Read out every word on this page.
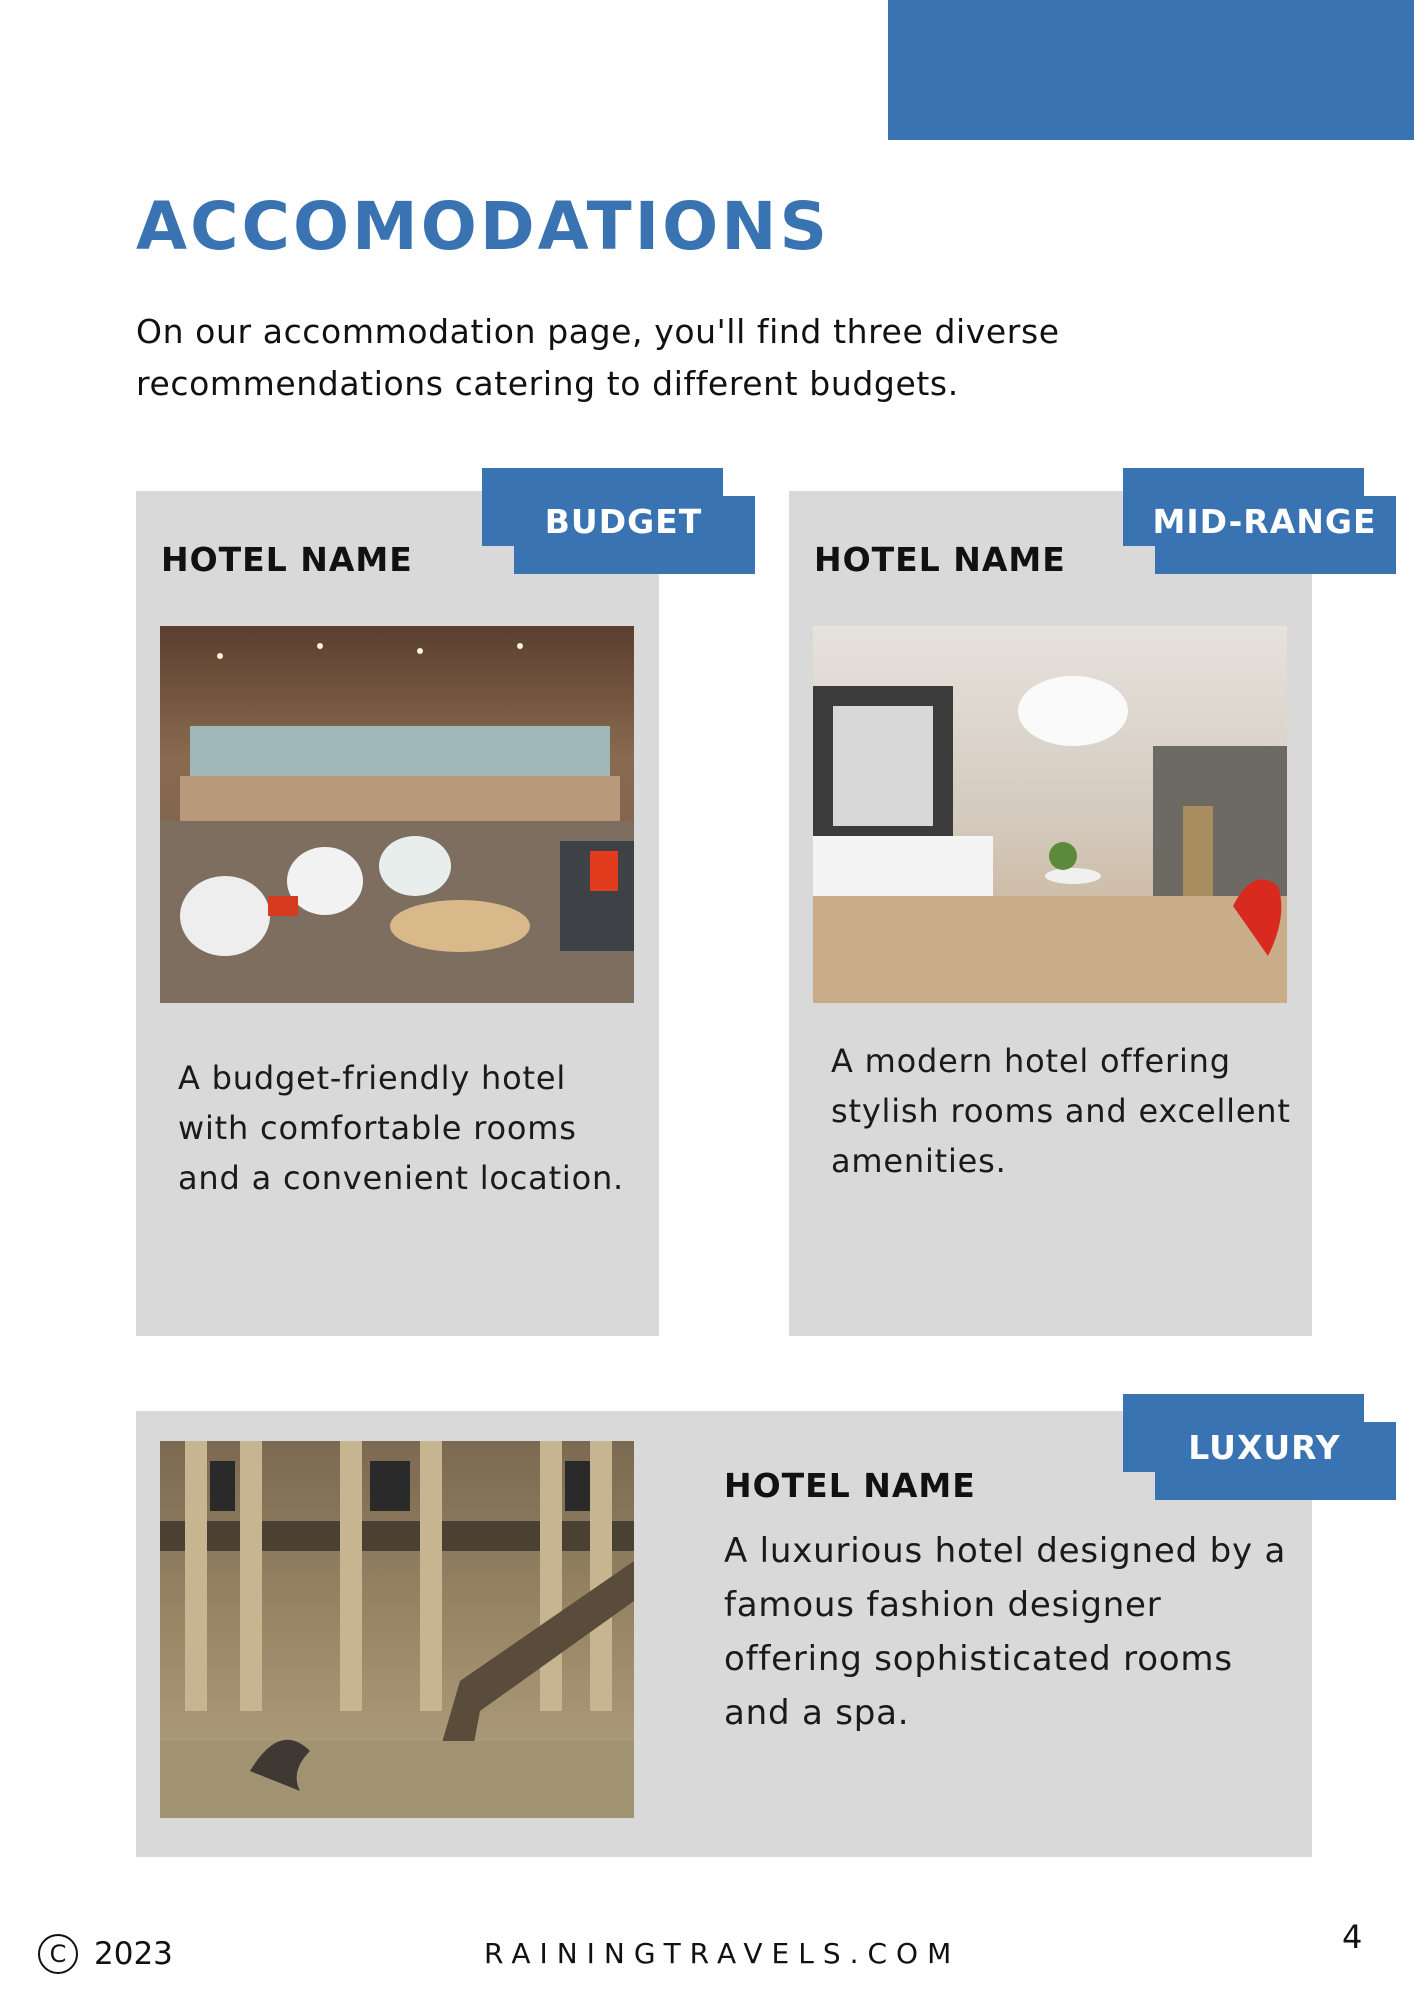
ACCOMODATIONS

On our accommodation page, you'll find three diverse recommendations catering to different budgets.

BUDGET
HOTEL NAME

A budget-friendly hotel with comfortable rooms and a convenient location.

MID-RANGE
HOTEL NAME

A modern hotel offering stylish rooms and excellent amenities.

LUXURY
HOTEL NAME

A luxurious hotel designed by a famous fashion designer offering sophisticated rooms and a spa.

C 2023	RAININGTRAVELS.COM	4
